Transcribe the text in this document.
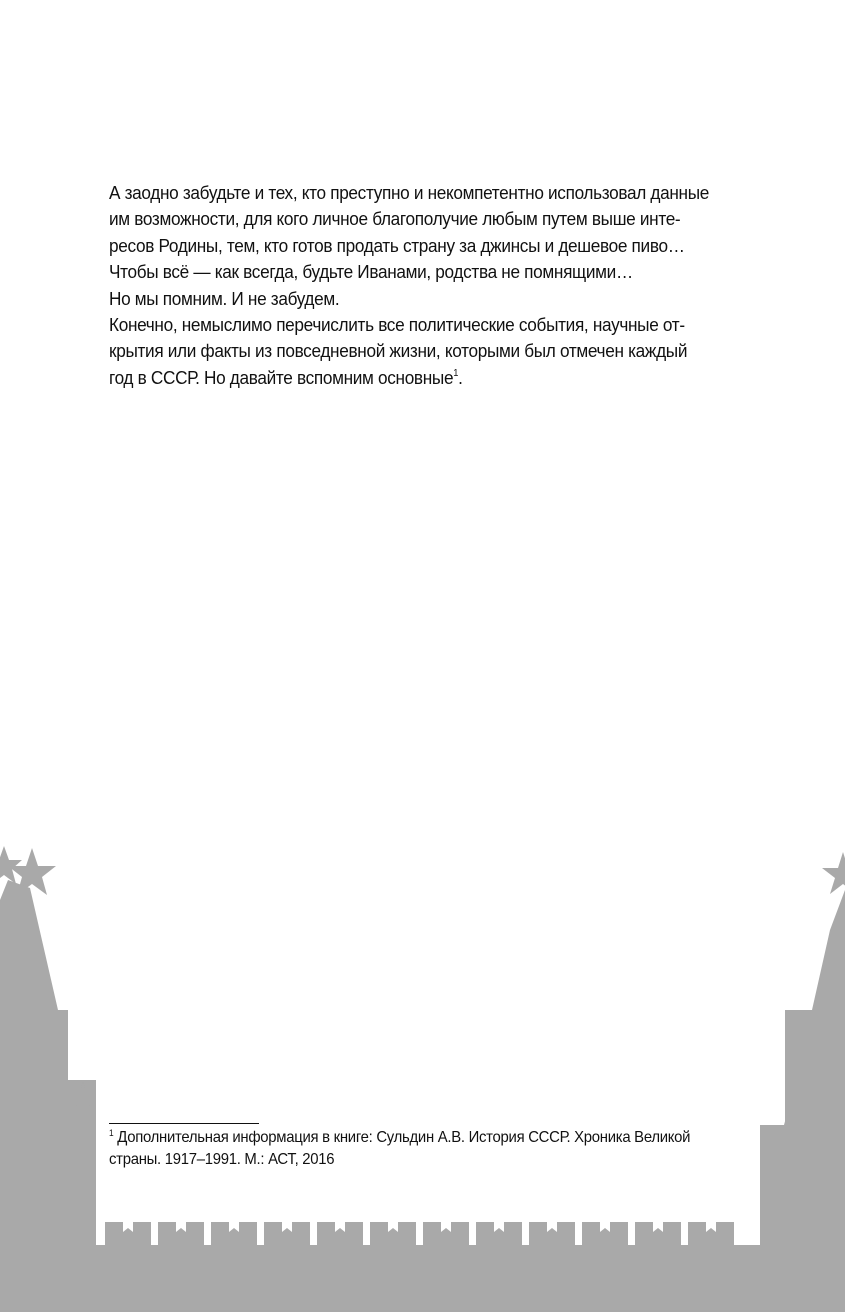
А заодно забудьте и тех, кто преступно и некомпетентно использовал данные
им возможности, для кого личное благополучие любым путем выше инте-
ресов Родины, тем, кто готов продать страну за джинсы и дешевое пиво…
Чтобы всё — как всегда, будьте Иванами, родства не помнящими…
Но мы помним. И не забудем.
Конечно, немыслимо перечислить все политические события, научные от-
крытия или факты из повседневной жизни, которыми был отмечен каждый
год в СССР. Но давайте вспомним основные$^1$.
$^1$ Дополнительная информация в книге: Сульдин А.В. История СССР. Хроника Великой
страны. 1917–1991. М.: АСТ, 2016
